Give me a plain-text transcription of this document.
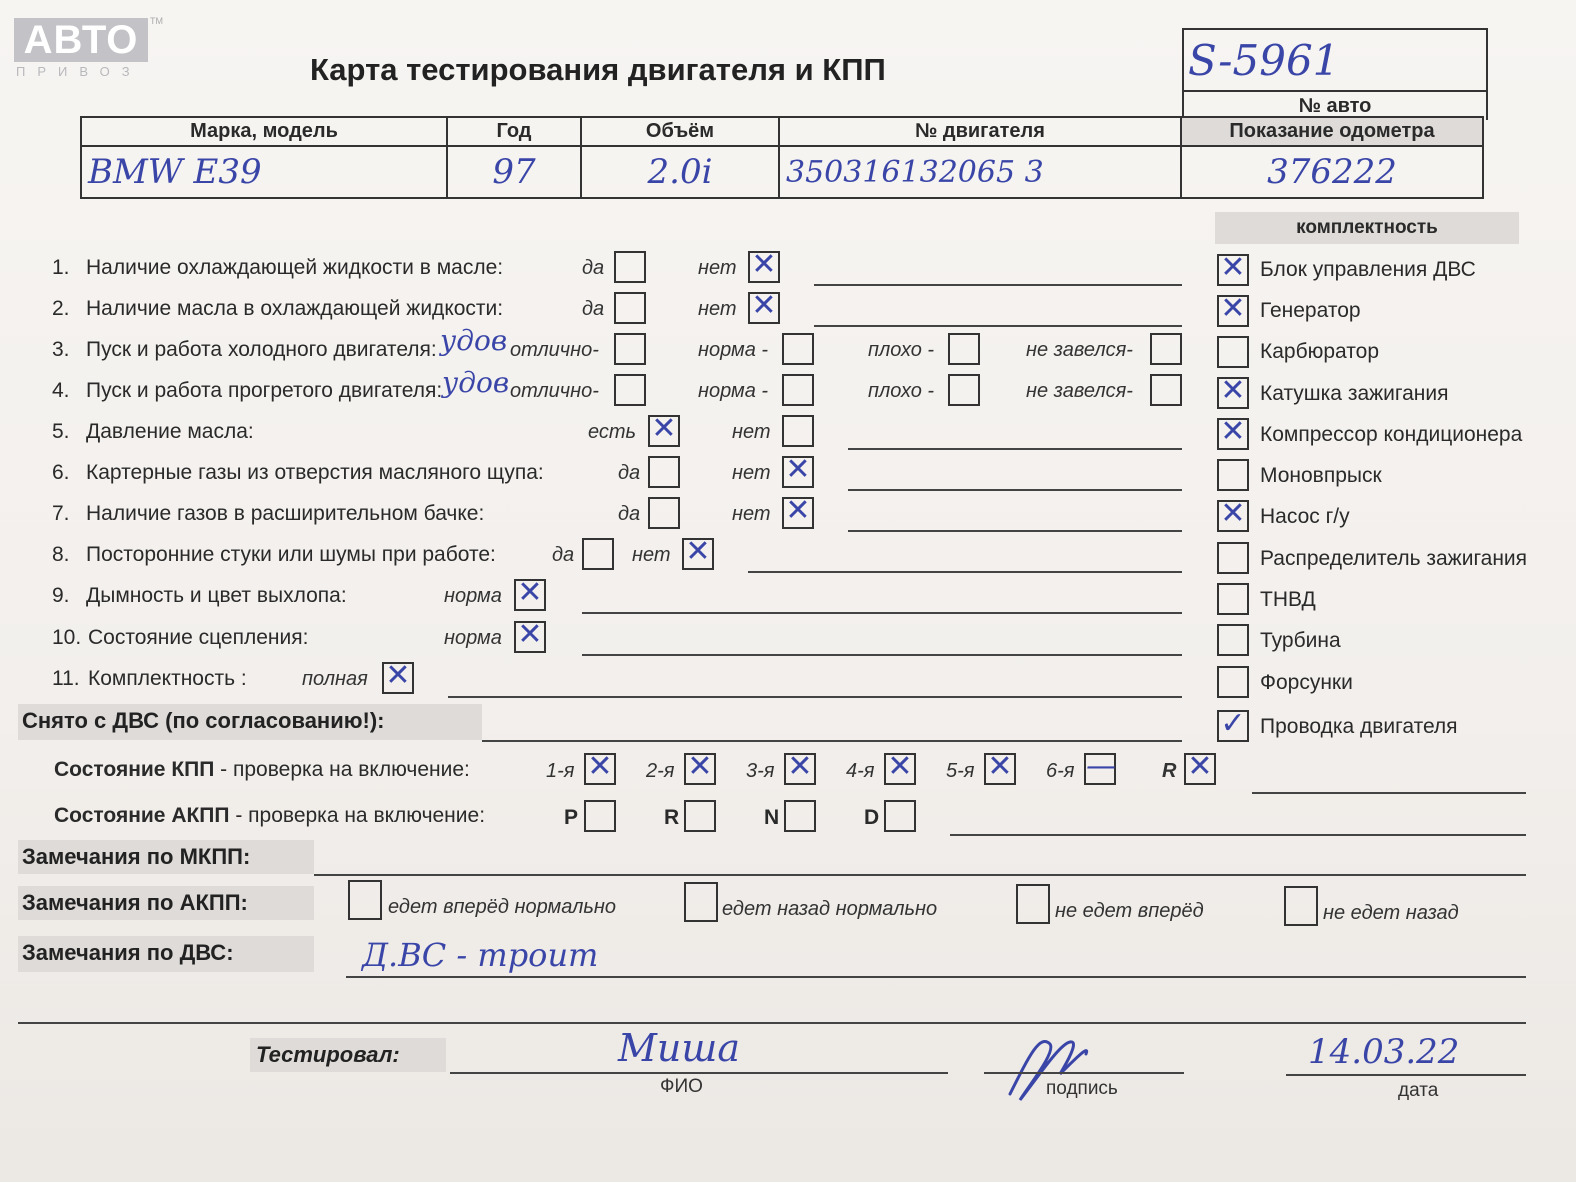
АВТО
ПРИВОЗ
TM
Карта тестирования двигателя и КПП	S-5961
№ авто
Марка, модель	Год	Объём	№ двигателя	Показание одометра
BMW E39	97	2.0i	350316132065 3	376222
комплектность
✕ Блок управления ДВС
✕ Генератор
Карбюратор
✕ Катушка зажигания
✕ Компрессор кондиционера
Моновпрыск
✕ Насос г/у
Распределитель зажигания
ТНВД
Турбина
Форсунки
✓ Проводка двигателя
1. Наличие охлаждающей жидкости в масле:	да	нет ✕
2. Наличие масла в охлаждающей жидкости:	да	нет ✕
3. Пуск и работа холодного двигателя: удов отлично-	норма -	плохо -	не завелся-
4. Пуск и работа прогретого двигателя: удов отлично-	норма -	плохо -	не завелся-
5. Давление масла:	есть ✕	нет
6. Картерные газы из отверстия масляного щупа:	да	нет ✕
7. Наличие газов в расширительном бачке:	да	нет ✕
8. Посторонние стуки или шумы при работе:	да	нет ✕
9. Дымность и цвет выхлопа:	норма ✕
10. Состояние сцепления:	норма ✕
11. Комплектность :	полная ✕
Снято с ДВС (по согласованию!):
Состояние КПП - проверка на включение:	1-я ✕ 2-я ✕ 3-я ✕ 4-я ✕ 5-я ✕ 6-я — R ✕
Состояние АКПП - проверка на включение:	P	R	N	D
Замечания по МКПП:
Замечания по АКПП:	едет вперёд нормально	едет назад нормально	не едет вперёд	не едет назад
Замечания по ДВС:	Д.ВС - троит
Тестировал:	Миша
ФИО	подпись
14.03.22
дата
